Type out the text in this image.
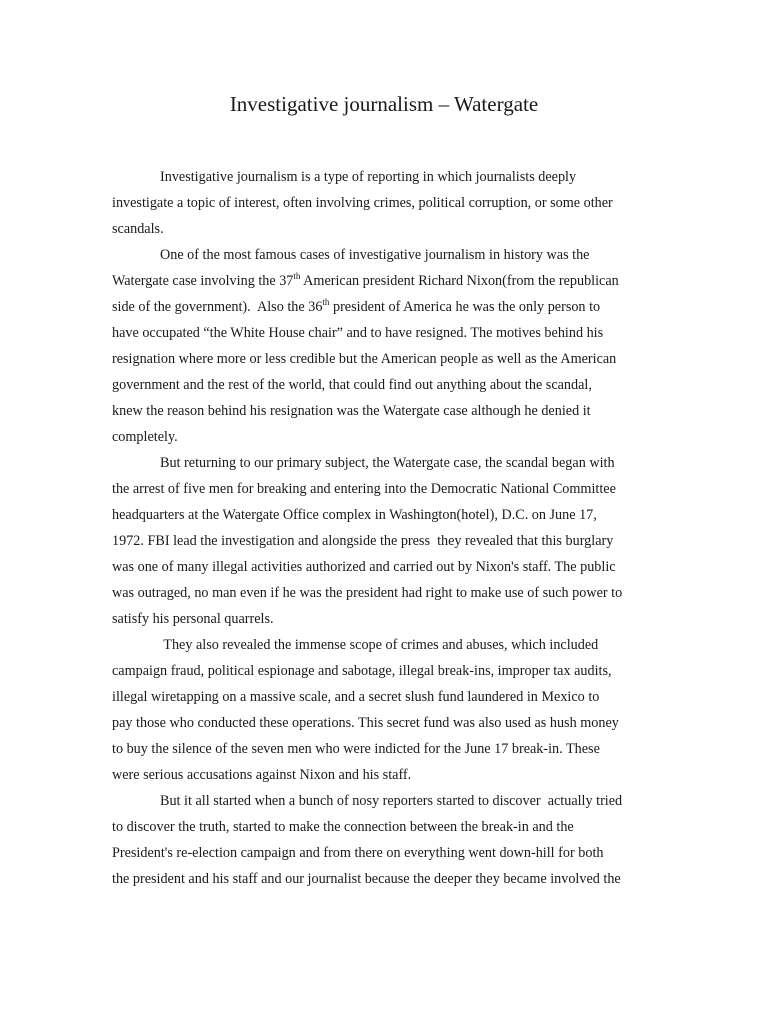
Investigative journalism – Watergate

Investigative journalism is a type of reporting in which journalists deeply
investigate a topic of interest, often involving crimes, political corruption, or some other
scandals.

One of the most famous cases of investigative journalism in history was the
Watergate case involving the 37th American president Richard Nixon(from the republican
side of the government).  Also the 36th president of America he was the only person to
have occupated “the White House chair” and to have resigned. The motives behind his
resignation where more or less credible but the American people as well as the American
government and the rest of the world, that could find out anything about the scandal,
knew the reason behind his resignation was the Watergate case although he denied it
completely.

But returning to our primary subject, the Watergate case, the scandal began with
the arrest of five men for breaking and entering into the Democratic National Committee
headquarters at the Watergate Office complex in Washington(hotel), D.C. on June 17,
1972. FBI lead the investigation and alongside the press  they revealed that this burglary
was one of many illegal activities authorized and carried out by Nixon's staff. The public
was outraged, no man even if he was the president had right to make use of such power to
satisfy his personal quarrels.

They also revealed the immense scope of crimes and abuses, which included
campaign fraud, political espionage and sabotage, illegal break-ins, improper tax audits,
illegal wiretapping on a massive scale, and a secret slush fund laundered in Mexico to
pay those who conducted these operations. This secret fund was also used as hush money
to buy the silence of the seven men who were indicted for the June 17 break-in. These
were serious accusations against Nixon and his staff.

But it all started when a bunch of nosy reporters started to discover  actually tried
to discover the truth, started to make the connection between the break-in and the
President's re-election campaign and from there on everything went down-hill for both
the president and his staff and our journalist because the deeper they became involved the
